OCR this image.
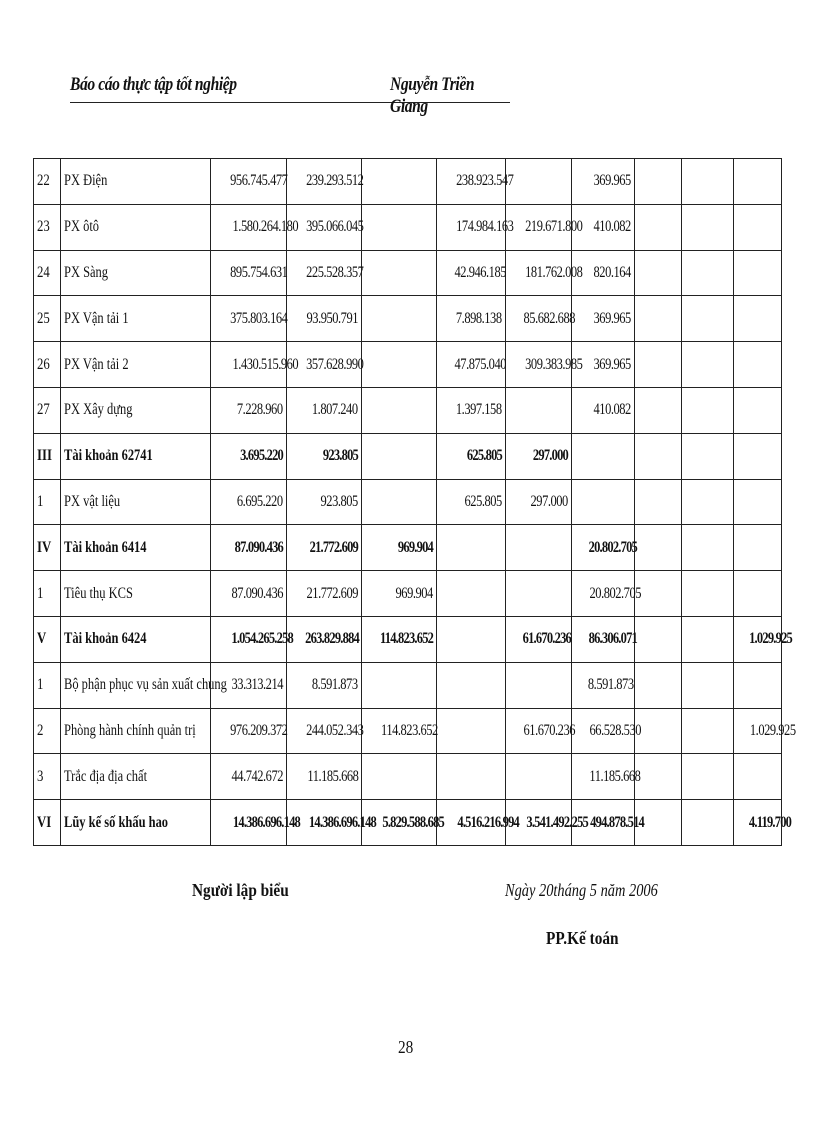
Báo cáo thực tập tốt nghiệp	Nguyễn Triền Giang
22	PX Điện	956.745.477	239.293.512		238.923.547		369.965			
23	PX ôtô	1.580.264.180	395.066.045		174.984.163	219.671.800	410.082			
24	PX Sàng	895.754.631	225.528.357		42.946.185	181.762.008	820.164			
25	PX Vận tải 1	375.803.164	93.950.791		7.898.138	85.682.688	369.965			
26	PX Vận tải 2	1.430.515.960	357.628.990		47.875.040	309.383.985	369.965			
27	PX Xây dựng	7.228.960	1.807.240		1.397.158		410.082			
III	Tài khoản 62741	3.695.220	923.805		625.805	297.000				
1	PX vật liệu	6.695.220	923.805		625.805	297.000				
IV	Tài khoản 6414	87.090.436	21.772.609	969.904			20.802.705			
1	Tiêu thụ KCS	87.090.436	21.772.609	969.904			20.802.705			
V	Tài khoản 6424	1.054.265.258	263.829.884	114.823.652		61.670.236	86.306.071			1.029.925
1	Bộ phận phục vụ sản xuất chung	33.313.214	8.591.873				8.591.873			
2	Phòng hành chính quản trị	976.209.372	244.052.343	114.823.652		61.670.236	66.528.530			1.029.925
3	Trắc địa địa chất	44.742.672	11.185.668				11.185.668			
VI	Lũy kế số khấu hao	14.386.696.148	14.386.696.148	5.829.588.685	4.516.216.994	3.541.492.255	494.878.514			4.119.700
Người lập biểu	Ngày 20tháng 5 năm 2006
PP.Kế toán
28
